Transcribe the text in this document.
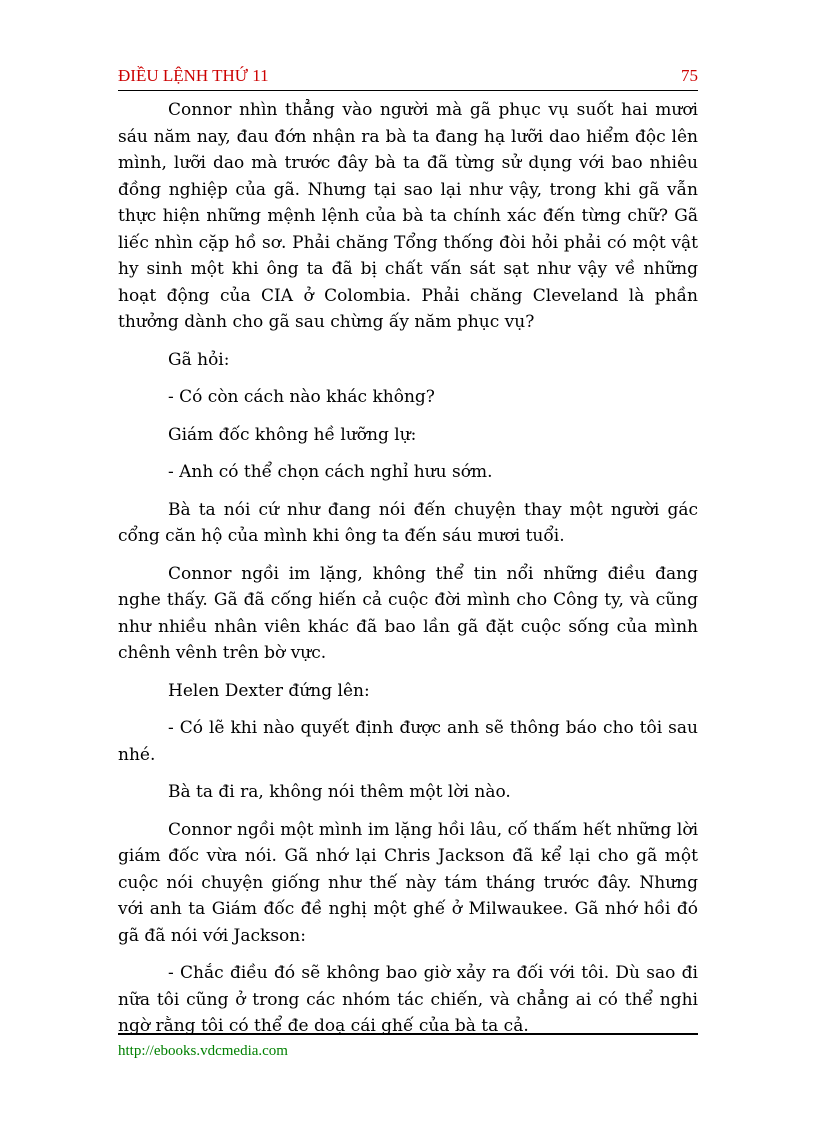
ĐIỀU LỆNH THỨ 11	75

Connor nhìn thẳng vào người mà gã phục vụ suốt hai mươi sáu năm nay, đau đớn nhận ra bà ta đang hạ lưỡi dao hiểm độc lên mình, lưỡi dao mà trước đây bà ta đã từng sử dụng với bao nhiêu đồng nghiệp của gã. Nhưng tại sao lại như vậy, trong khi gã vẫn thực hiện những mệnh lệnh của bà ta chính xác đến từng chữ? Gã liếc nhìn cặp hồ sơ. Phải chăng Tổng thống đòi hỏi phải có một vật hy sinh một khi ông ta đã bị chất vấn sát sạt như vậy về những hoạt động của CIA ở Colombia. Phải chăng Cleveland là phần thưởng dành cho gã sau chừng ấy năm phục vụ?

Gã hỏi:

- Có còn cách nào khác không?

Giám đốc không hề lưỡng lự:

- Anh có thể chọn cách nghỉ hưu sớm.

Bà ta nói cứ như đang nói đến chuyện thay một người gác cổng căn hộ của mình khi ông ta đến sáu mươi tuổi.

Connor ngồi im lặng, không thể tin nổi những điều đang nghe thấy. Gã đã cống hiến cả cuộc đời mình cho Công ty, và cũng như nhiều nhân viên khác đã bao lần gã đặt cuộc sống của mình chênh vênh trên bờ vực.

Helen Dexter đứng lên:

- Có lẽ khi nào quyết định được anh sẽ thông báo cho tôi sau nhé.

Bà ta đi ra, không nói thêm một lời nào.

Connor ngồi một mình im lặng hồi lâu, cố thấm hết những lời giám đốc vừa nói. Gã nhớ lại Chris Jackson đã kể lại cho gã một cuộc nói chuyện giống như thế này tám tháng trước đây. Nhưng với anh ta Giám đốc đề nghị một ghế ở Milwaukee. Gã nhớ hồi đó gã đã nói với Jackson:

- Chắc điều đó sẽ không bao giờ xảy ra đối với tôi. Dù sao đi nữa tôi cũng ở trong các nhóm tác chiến, và chẳng ai có thể nghi ngờ rằng tôi có thể đe doạ cái ghế của bà ta cả.

http://ebooks.vdcmedia.com
